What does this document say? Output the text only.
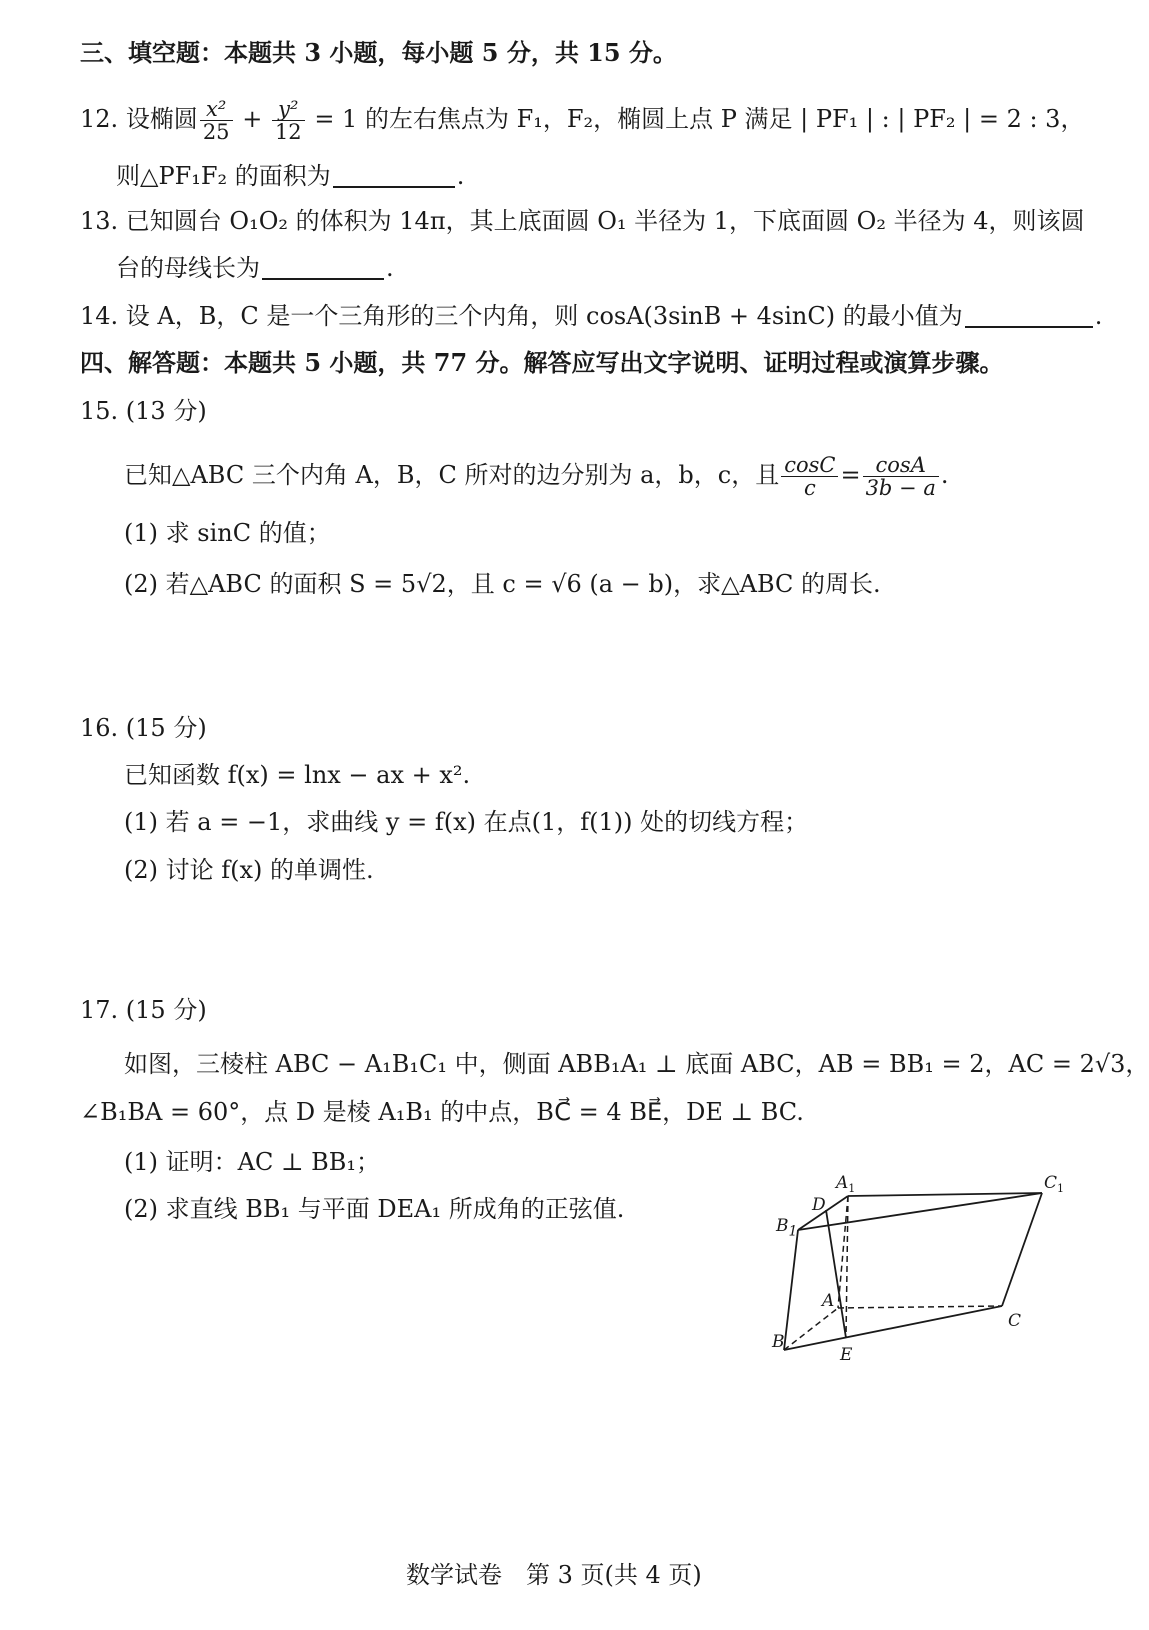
三、填空题：本题共 3 小题，每小题 5 分，共 15 分。
12. 设椭圆 $\frac{\text{x²}}{25} + \frac{\text{y²}}{12} = 1$ 的左右焦点为 F₁，F₂，椭圆上点 P 满足 | PF₁ | : | PF₂ | = 2 : 3，
则△PF₁F₂ 的面积为	.
13. 已知圆台 O₁O₂ 的体积为 14π，其上底面圆 O₁ 半径为 1，下底面圆 O₂ 半径为 4，则该圆
台的母线长为	.
14. 设 A，B，C 是一个三角形的三个内角，则 cosA(3sinB + 4sinC) 的最小值为	.
四、解答题：本题共 5 小题，共 77 分。解答应写出文字说明、证明过程或演算步骤。
15. (13 分)
已知△ABC 三个内角 A，B，C 所对的边分别为 a，b，c，且 $\frac{\cos C}{c} = \frac{\cos A}{3b - a}$ .
(1) 求 sinC 的值；
(2) 若△ABC 的面积 S = 5√2，且 c = √6 (a − b)，求△ABC 的周长.
16. (15 分)
已知函数 f(x) = lnx − ax + x².
(1) 若 a = −1，求曲线 y = f(x) 在点(1，f(1)) 处的切线方程；
(2) 讨论 f(x) 的单调性.
17. (15 分)
如图，三棱柱 ABC − A₁B₁C₁ 中，侧面 ABB₁A₁ ⊥ 底面 ABC，AB = BB₁ = 2，AC = 2√3，
∠B₁BA = 60°，点 D 是棱 A₁B₁ 的中点，BC⃗ = 4 BE⃗，DE ⊥ BC.
(1) 证明：AC ⊥ BB₁；
(2) 求直线 BB₁ 与平面 DEA₁ 所成角的正弦值.
$A_1$	$C_1$
D
A
C
E
$B_1$
B
数学试卷　第 3 页(共 4 页)
